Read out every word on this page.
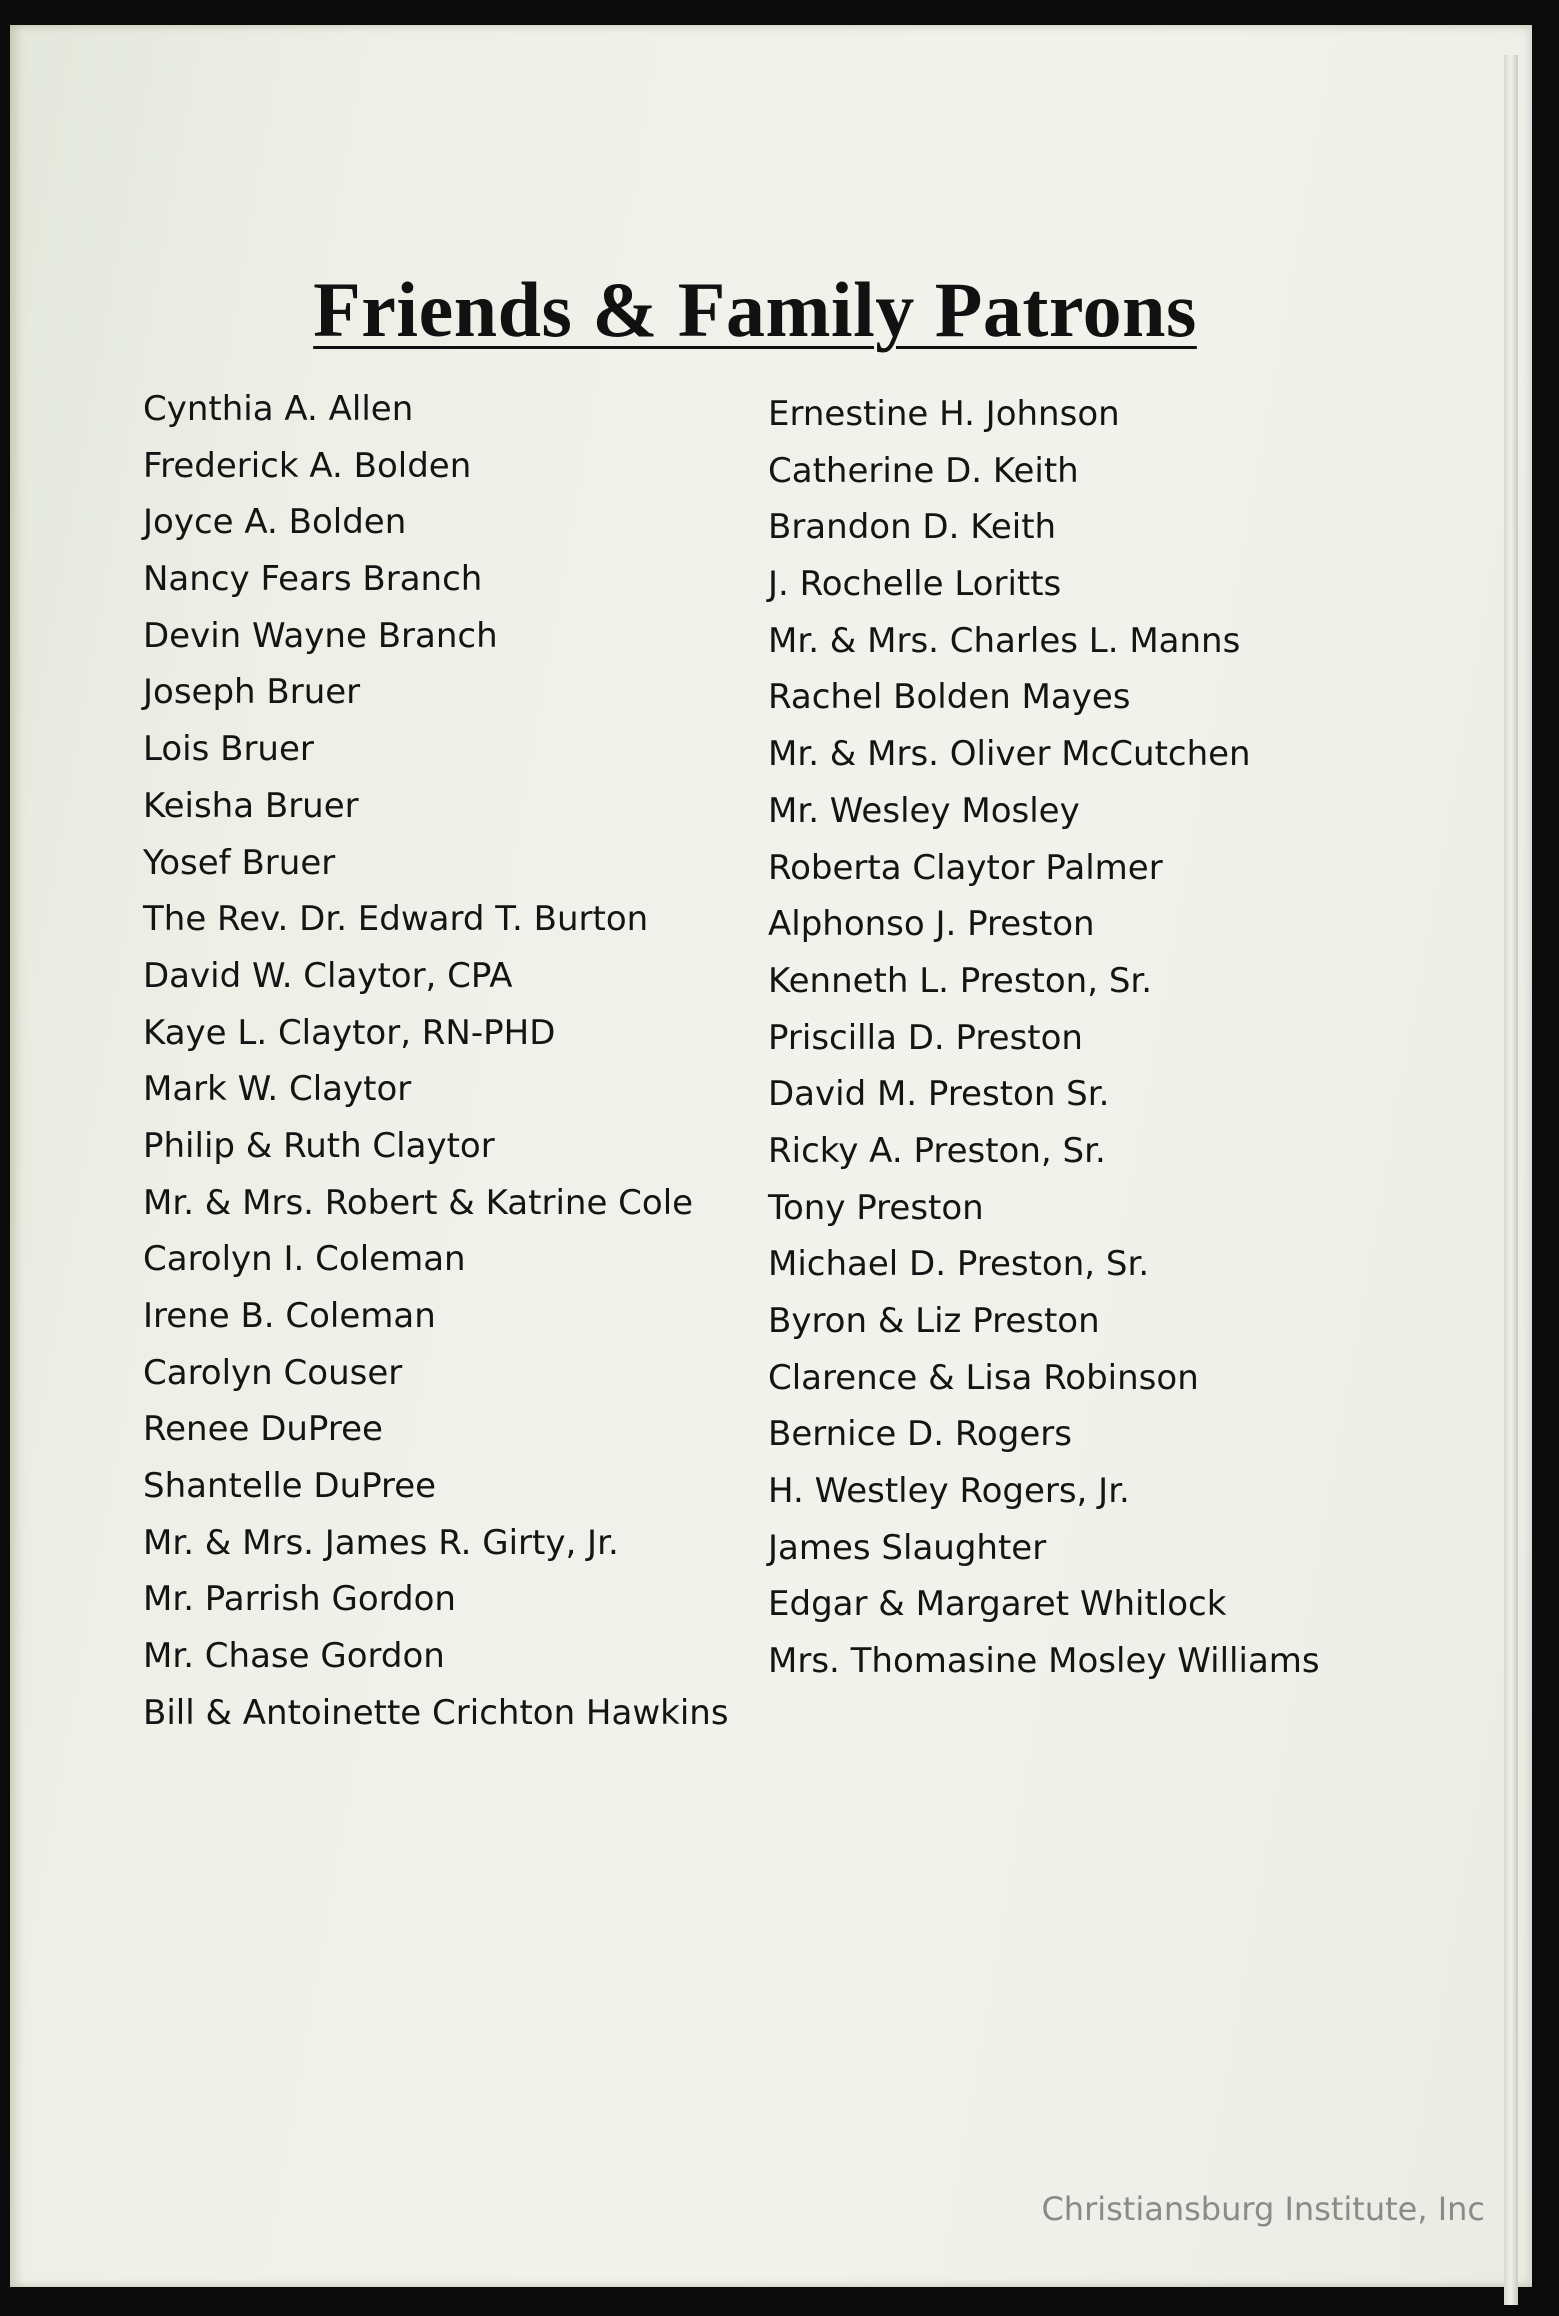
Friends & Family Patrons
Cynthia A. Allen
Frederick A. Bolden
Joyce A. Bolden
Nancy Fears Branch
Devin Wayne Branch
Joseph Bruer
Lois Bruer
Keisha Bruer
Yosef Bruer
The Rev. Dr. Edward T. Burton
David W. Claytor, CPA
Kaye L. Claytor, RN-PHD
Mark W. Claytor
Philip & Ruth Claytor
Mr. & Mrs. Robert & Katrine Cole
Carolyn I. Coleman
Irene B. Coleman
Carolyn Couser
Renee DuPree
Shantelle DuPree
Mr. & Mrs. James R. Girty, Jr.
Mr. Parrish Gordon
Mr. Chase Gordon
Bill & Antoinette Crichton Hawkins
Ernestine H. Johnson
Catherine D. Keith
Brandon D. Keith
J. Rochelle Loritts
Mr. & Mrs. Charles L. Manns
Rachel Bolden Mayes
Mr. & Mrs. Oliver McCutchen
Mr. Wesley Mosley
Roberta Claytor Palmer
Alphonso J. Preston
Kenneth L. Preston, Sr.
Priscilla D. Preston
David M. Preston Sr.
Ricky A. Preston, Sr.
Tony Preston
Michael D. Preston, Sr.
Byron & Liz Preston
Clarence & Lisa Robinson
Bernice D. Rogers
H. Westley Rogers, Jr.
James Slaughter
Edgar & Margaret Whitlock
Mrs. Thomasine Mosley Williams
Christiansburg Institute, Inc
